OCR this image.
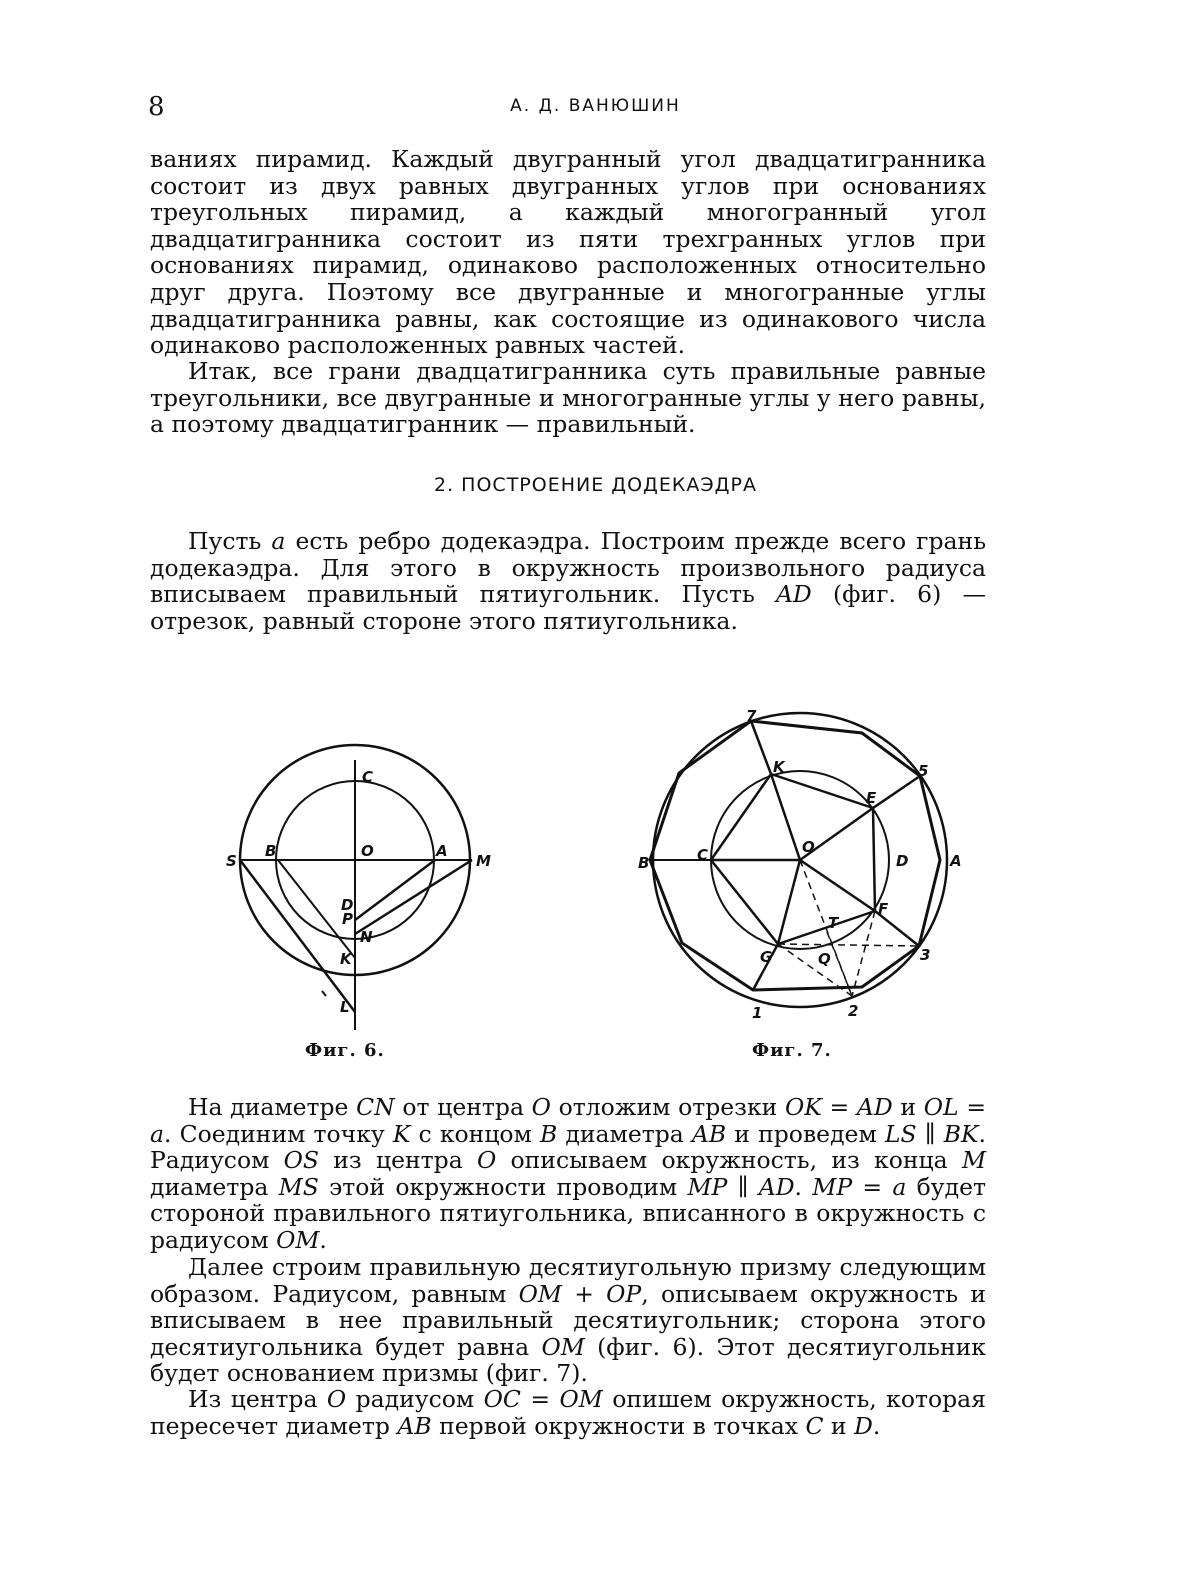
8	А. Д. ВАНЮШИН

ваниях пирамид. Каждый двугранный угол двадцатигранника состоит из двух равных двугранных углов при основаниях треугольных пирамид, а каждый многогранный угол двадцатигранника состоит из пяти трехгранных углов при основаниях пирамид, одинаково расположенных относительно друг друга. Поэтому все двугранные и многогранные углы двадцатигранника равны, как состоящие из одинакового числа одинаково расположенных равных частей.

Итак, все грани двадцатигранника суть правильные равные треугольники, все двугранные и многогранные углы у него равны, а поэтому двадцатигранник — правильный.

2. ПОСТРОЕНИЕ ДОДЕКАЭДРА

Пусть a есть ребро додекаэдра. Построим прежде всего грань додекаэдра. Для этого в окружность произвольного радиуса вписываем правильный пятиугольник. Пусть AD (фиг. 6) — отрезок, равный стороне этого пятиугольника.

C
S
B	O	A
M
D
P
N
K
L
Фиг. 6.
7
K	5
E
B	C	O
D	A
T
F
G	Q	3
1	2
Фиг. 7.

На диаметре CN от центра O отложим отрезки OK = AD и OL = a. Соединим точку K с концом B диаметра AB и проведем LS ∥ BK. Радиусом OS из центра O описываем окружность, из конца M диаметра MS этой окружности проводим MP ∥ AD. MP = a будет стороной правильного пятиугольника, вписанного в окружность с радиусом OM.

Далее строим правильную десятиугольную призму следующим образом. Радиусом, равным OM + OP, описываем окружность и вписываем в нее правильный десятиугольник; сторона этого десятиугольника будет равна OM (фиг. 6). Этот десятиугольник будет основанием призмы (фиг. 7).

Из центра O радиусом OC = OM опишем окружность, которая пересечет диаметр AB первой окружности в точках C и D.
